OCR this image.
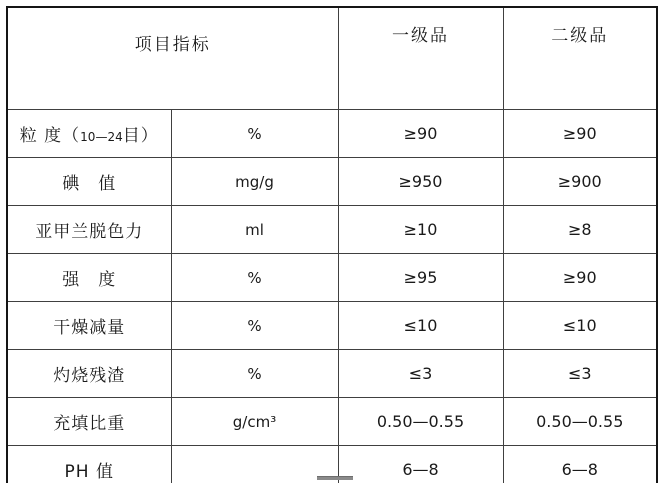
项目指标		一级品	二级品
粒 度（10—24目）	%	≥90	≥90
碘　值	mg/g	≥950	≥900
亚甲兰脱色力	ml	≥10	≥8
强　度	%	≥95	≥90
干燥减量	%	≤10	≤10
灼烧残渣	%	≤3	≤3
充填比重	g/cm³	0.50—0.55	0.50—0.55
PH 值		6—8	6—8
